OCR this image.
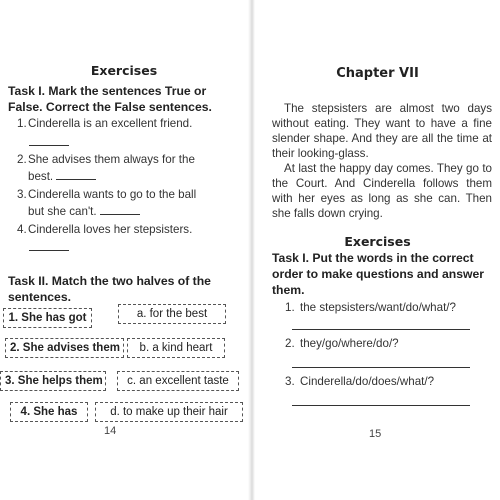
Exercises
Task I. Mark the sentences True or False. Correct the False sentences.
1. Cinderella is an excellent friend.
2. She advises them always for the
best.
3. Cinderella wants to go to the ball
but she can't.
4. Cinderella loves her stepsisters.
Task II. Match the two halves of the sentences.
1. She has got
2. She advises them
3. She helps them
4. She has
a. for the best
b. a kind heart
c. an excellent taste
d. to make up their hair
14
Chapter VII

The stepsisters are almost two days without eating. They want to have a fine slender shape. And they are all the time at their looking-glass.

At last the happy day comes. They go to the Court. And Cinderella follows them with her eyes as long as she can. Then she falls down crying.

Exercises
Task I. Put the words in the correct order to make questions and answer them.
1. the stepsisters/want/do/what/?
2. they/go/where/do/?
3. Cinderella/do/does/what/?
15
